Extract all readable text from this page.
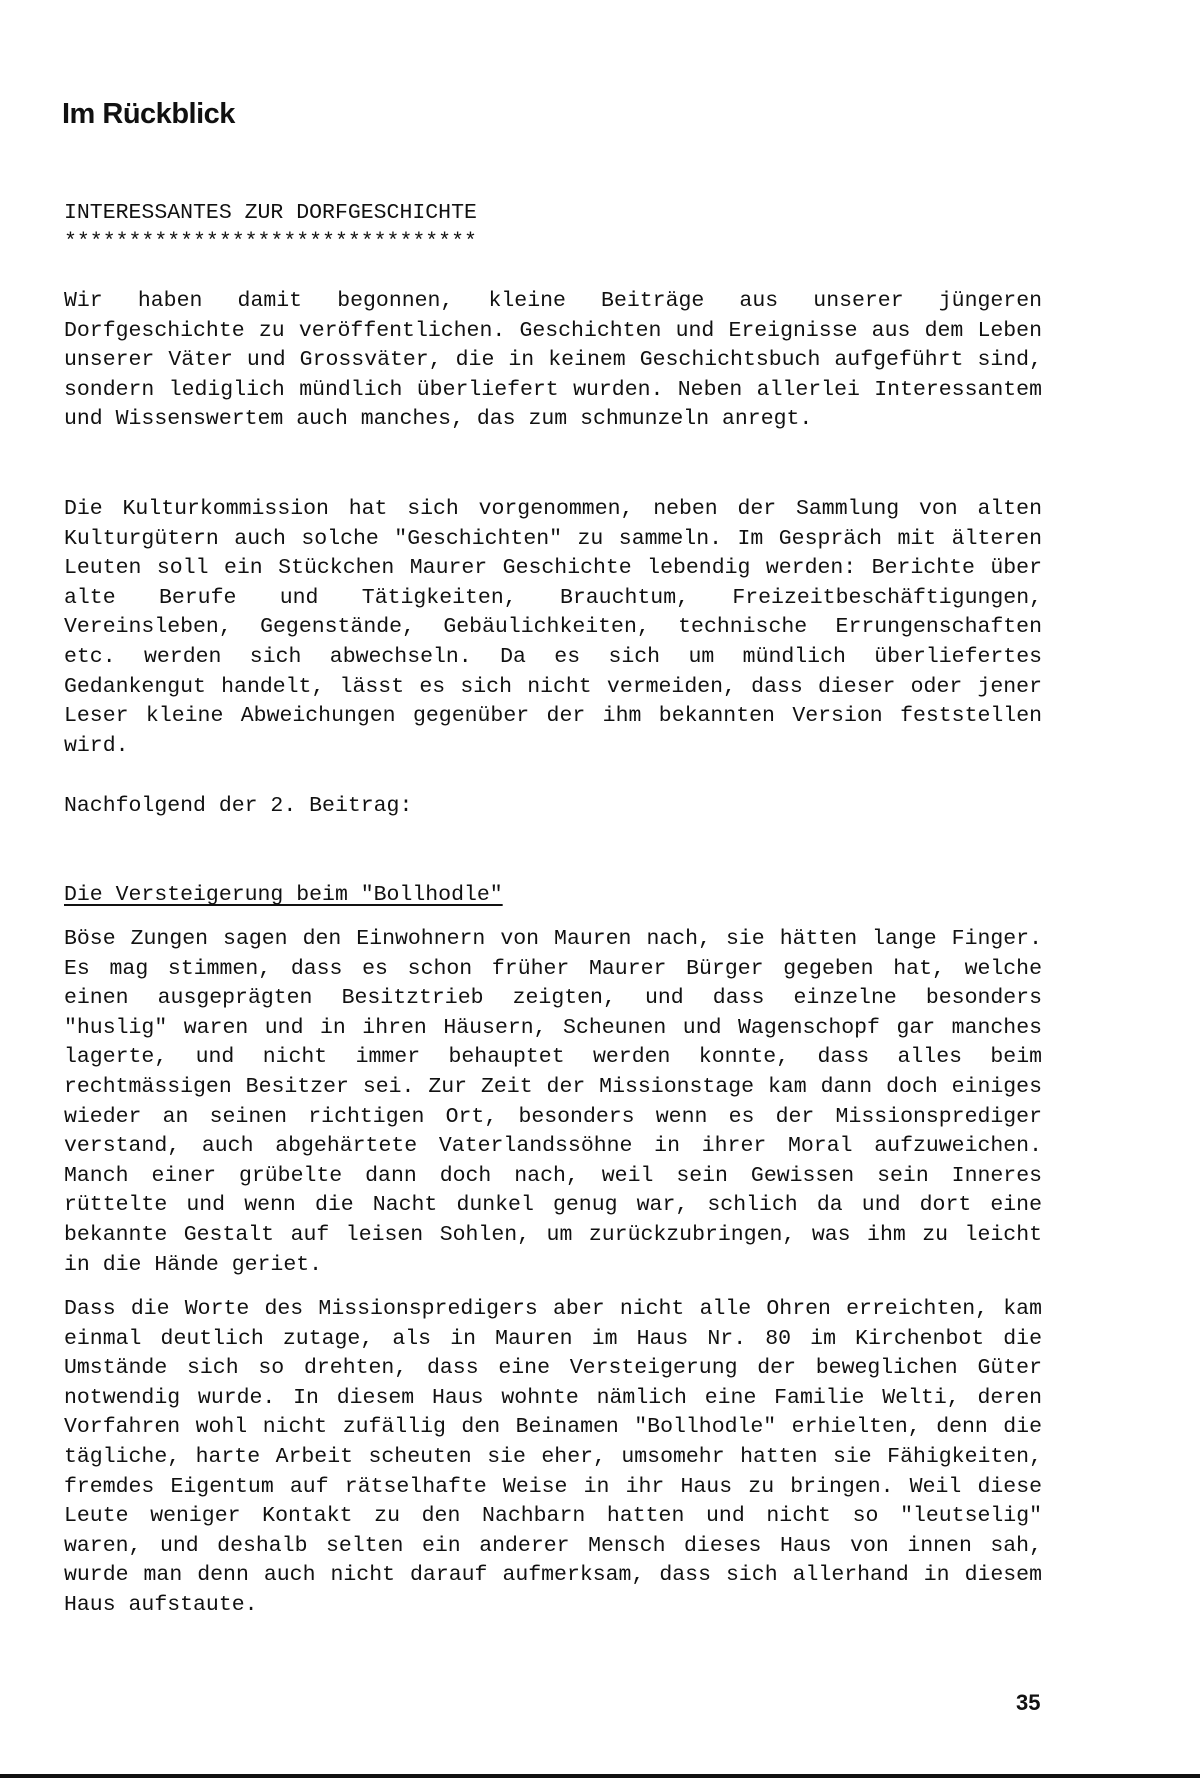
Im Rückblick
INTERESSANTES ZUR DORFGESCHICHTE
********************************

Wir haben damit begonnen, kleine Beiträge aus unserer jüngeren Dorfgeschichte zu veröffentlichen. Geschichten und Ereignisse aus dem Leben unserer Väter und Grossväter, die in keinem Geschichtsbuch aufgeführt sind, sondern lediglich mündlich überliefert wurden. Neben allerlei Interessantem und Wissenswertem auch manches, das zum schmunzeln anregt.

Die Kulturkommission hat sich vorgenommen, neben der Sammlung von alten Kulturgütern auch solche "Geschichten" zu sammeln. Im Gespräch mit älteren Leuten soll ein Stückchen Maurer Geschichte lebendig werden: Berichte über alte Berufe und Tätigkeiten, Brauchtum, Freizeitbeschäftigungen, Vereinsleben, Gegenstände, Gebäulichkeiten, technische Errungenschaften etc. werden sich abwechseln. Da es sich um mündlich überliefertes Gedankengut handelt, lässt es sich nicht vermeiden, dass dieser oder jener Leser kleine Abweichungen gegenüber der ihm bekannten Version feststellen wird.

Nachfolgend der 2. Beitrag:

Die Versteigerung beim "Bollhodle"

Böse Zungen sagen den Einwohnern von Mauren nach, sie hätten lange Finger. Es mag stimmen, dass es schon früher Maurer Bürger gegeben hat, welche einen ausgeprägten Besitztrieb zeigten, und dass einzelne besonders "huslig" waren und in ihren Häusern, Scheunen und Wagenschopf gar manches lagerte, und nicht immer behauptet werden konnte, dass alles beim rechtmässigen Besitzer sei. Zur Zeit der Missionstage kam dann doch einiges wieder an seinen richtigen Ort, besonders wenn es der Missionsprediger verstand, auch abgehärtete Vaterlandssöhne in ihrer Moral aufzuweichen. Manch einer grübelte dann doch nach, weil sein Gewissen sein Inneres rüttelte und wenn die Nacht dunkel genug war, schlich da und dort eine bekannte Gestalt auf leisen Sohlen, um zurückzubringen, was ihm zu leicht in die Hände geriet.

Dass die Worte des Missionspredigers aber nicht alle Ohren erreichten, kam einmal deutlich zutage, als in Mauren im Haus Nr. 80 im Kirchenbot die Umstände sich so drehten, dass eine Versteigerung der beweglichen Güter notwendig wurde. In diesem Haus wohnte nämlich eine Familie Welti, deren Vorfahren wohl nicht zufällig den Beinamen "Bollhodle" erhielten, denn die tägliche, harte Arbeit scheuten sie eher, umsomehr hatten sie Fähigkeiten, fremdes Eigentum auf rätselhafte Weise in ihr Haus zu bringen. Weil diese Leute weniger Kontakt zu den Nachbarn hatten und nicht so "leutselig" waren, und deshalb selten ein anderer Mensch dieses Haus von innen sah, wurde man denn auch nicht darauf aufmerksam, dass sich allerhand in diesem Haus aufstaute.

35
